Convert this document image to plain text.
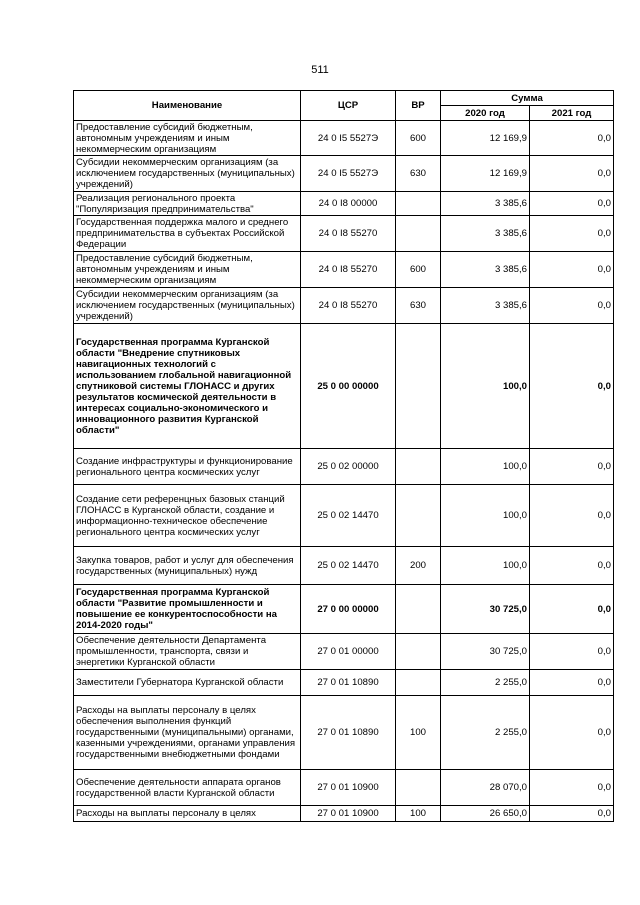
511
Наименование	ЦСР	ВР	Сумма	
			2020 год	2021 год
Предоставление субсидий бюджетным, автономным учреждениям и иным некоммерческим организациям	24 0 I5 5527Э	600	12 169,9	0,0
Субсидии некоммерческим организациям (за исключением государственных (муниципальных) учреждений)	24 0 I5 5527Э	630	12 169,9	0,0
Реализация регионального проекта "Популяризация предпринимательства"	24 0 I8 00000		3 385,6	0,0
Государственная поддержка малого и среднего предпринимательства в субъектах Российской Федерации	24 0 I8 55270		3 385,6	0,0
Предоставление субсидий бюджетным, автономным учреждениям и иным некоммерческим организациям	24 0 I8 55270	600	3 385,6	0,0
Субсидии некоммерческим организациям (за исключением государственных (муниципальных) учреждений)	24 0 I8 55270	630	3 385,6	0,0
Государственная программа Курганской области "Внедрение спутниковых навигационных технологий с использованием глобальной навигационной спутниковой системы ГЛОНАСС и других результатов космической деятельности в интересах социально-экономического и инновационного развития Курганской области"	25 0 00 00000		100,0	0,0
Создание инфраструктуры и функционирование регионального центра космических услуг	25 0 02 00000		100,0	0,0
Создание сети референцных базовых станций ГЛОНАСС в Курганской области, создание и информационно-техническое обеспечение регионального центра космических услуг	25 0 02 14470		100,0	0,0
Закупка товаров, работ и услуг для обеспечения государственных (муниципальных) нужд	25 0 02 14470	200	100,0	0,0
Государственная программа Курганской области "Развитие промышленности и повышение ее конкурентоспособности на 2014-2020 годы"	27 0 00 00000		30 725,0	0,0
Обеспечение деятельности Департамента промышленности, транспорта, связи и энергетики Курганской области	27 0 01 00000		30 725,0	0,0
Заместители Губернатора Курганской области	27 0 01 10890		2 255,0	0,0
Расходы на выплаты персоналу в целях обеспечения выполнения функций государственными (муниципальными) органами, казенными учреждениями, органами управления государственными внебюджетными фондами	27 0 01 10890	100	2 255,0	0,0
Обеспечение деятельности аппарата органов государственной власти Курганской области	27 0 01 10900		28 070,0	0,0
Расходы на выплаты персоналу в целях	27 0 01 10900	100	26 650,0	0,0
